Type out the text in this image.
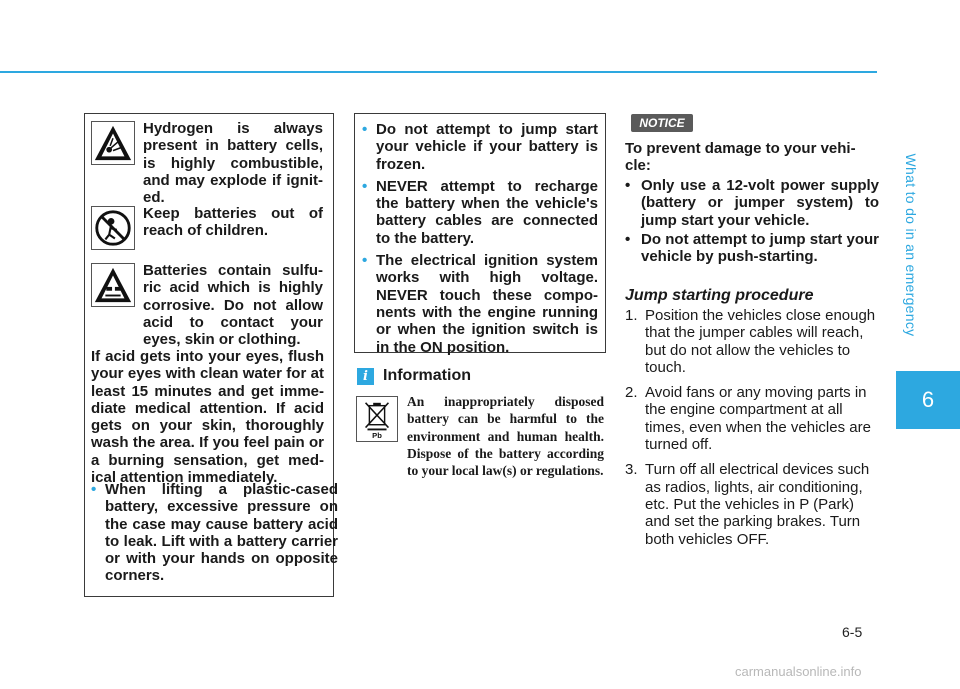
What to do in an emergency
6
Hydrogen is always present in battery cells, is highly combustible, and may explode if ignit-ed.
Keep batteries out of reach of children.
Batteries contain sulfu-ric acid which is highly corrosive. Do not allow acid to contact your eyes, skin or clothing.
If acid gets into your eyes, flush your eyes with clean water for at least 15 minutes and get imme-diate medical attention. If acid gets on your skin, thoroughly wash the area. If you feel pain or a burning sensation, get med-ical attention immediately.
• When lifting a plastic-cased battery, excessive pressure on the case may cause battery acid to leak. Lift with a battery carrier or with your hands on opposite corners.
• Do not attempt to jump start your vehicle if your battery is frozen.
• NEVER attempt to recharge the battery when the vehicle's battery cables are connected to the battery.
• The electrical ignition system works with high voltage. NEVER touch these compo-nents with the engine running or when the ignition switch is in the ON position.
i Information
Pb
An inappropriately disposed battery can be harmful to the environment and human health. Dispose of the battery according to your local law(s) or regulations.
NOTICE
To prevent damage to your vehi-cle:
• Only use a 12-volt power supply (battery or jumper system) to jump start your vehicle.
• Do not attempt to jump start your vehicle by push-starting.
Jump starting procedure
1. Position the vehicles close enough that the jumper cables will reach, but do not allow the vehicles to touch.
2. Avoid fans or any moving parts in the engine compartment at all times, even when the vehicles are turned off.
3. Turn off all electrical devices such as radios, lights, air conditioning, etc. Put the vehicles in P (Park) and set the parking brakes. Turn both vehicles OFF.
6-5
carmanualsonline.info
